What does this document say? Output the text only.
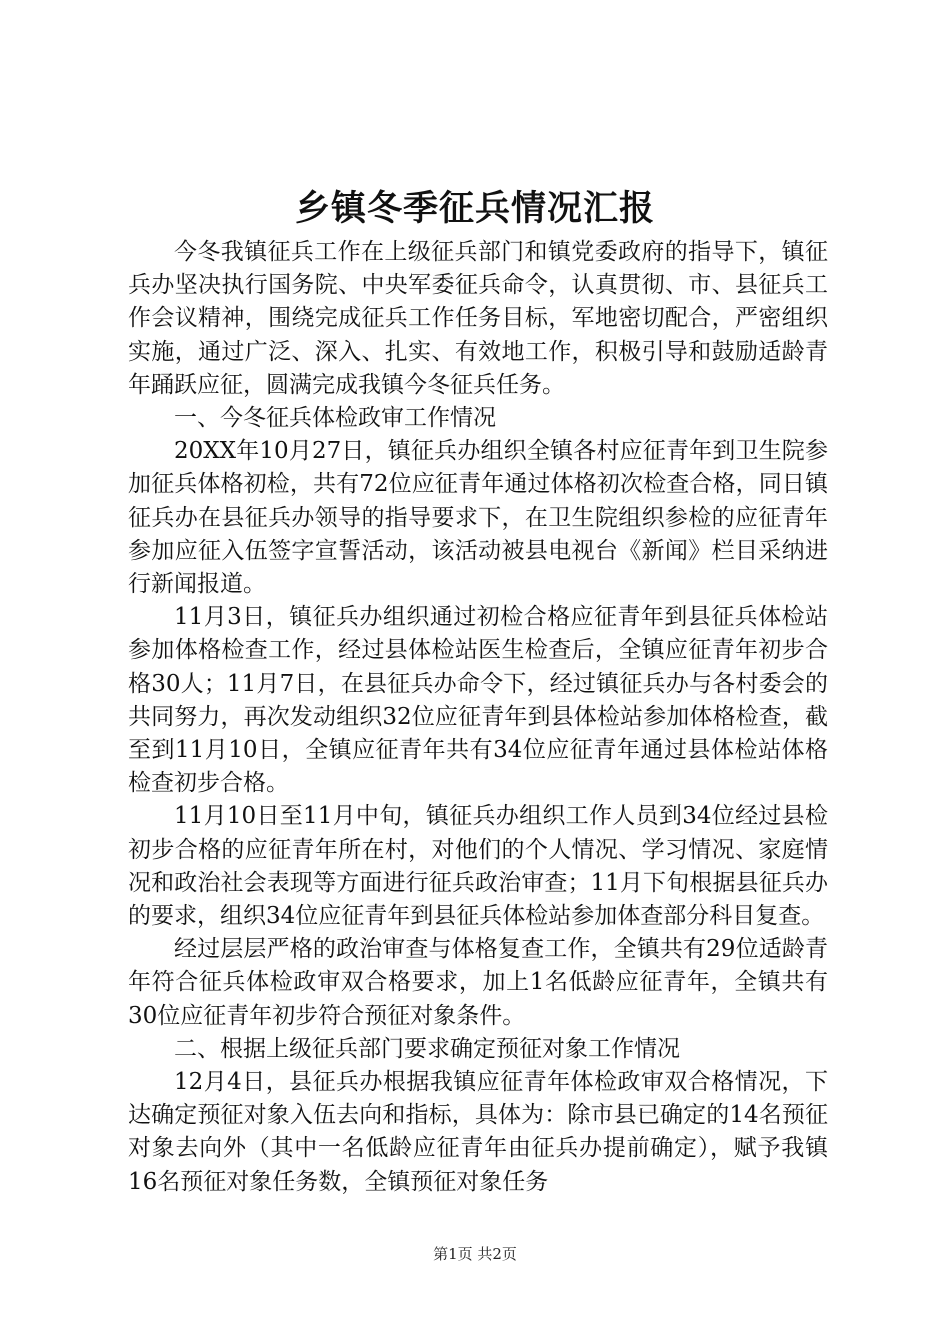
乡镇冬季征兵情况汇报

今冬我镇征兵工作在上级征兵部门和镇党委政府的指导下，镇征兵办坚决执行国务院、中央军委征兵命令，认真贯彻、市、县征兵工作会议精神，围绕完成征兵工作任务目标，军地密切配合，严密组织实施，通过广泛、深入、扎实、有效地工作，积极引导和鼓励适龄青年踊跃应征，圆满完成我镇今冬征兵任务。

一、今冬征兵体检政审工作情况

20XX年10月27日，镇征兵办组织全镇各村应征青年到卫生院参加征兵体格初检，共有72位应征青年通过体格初次检查合格，同日镇征兵办在县征兵办领导的指导要求下，在卫生院组织参检的应征青年参加应征入伍签字宣誓活动，该活动被县电视台《新闻》栏目采纳进行新闻报道。

11月3日，镇征兵办组织通过初检合格应征青年到县征兵体检站参加体格检查工作，经过县体检站医生检查后，全镇应征青年初步合格30人；11月7日，在县征兵办命令下，经过镇征兵办与各村委会的共同努力，再次发动组织32位应征青年到县体检站参加体格检查，截至到11月10日，全镇应征青年共有34位应征青年通过县体检站体格检查初步合格。

11月10日至11月中旬，镇征兵办组织工作人员到34位经过县检初步合格的应征青年所在村，对他们的个人情况、学习情况、家庭情况和政治社会表现等方面进行征兵政治审查；11月下旬根据县征兵办的要求，组织34位应征青年到县征兵体检站参加体查部分科目复查。

经过层层严格的政治审查与体格复查工作，全镇共有29位适龄青年符合征兵体检政审双合格要求，加上1名低龄应征青年，全镇共有30位应征青年初步符合预征对象条件。

二、根据上级征兵部门要求确定预征对象工作情况

12月4日，县征兵办根据我镇应征青年体检政审双合格情况，下达确定预征对象入伍去向和指标，具体为：除市县已确定的14名预征对象去向外（其中一名低龄应征青年由征兵办提前确定），赋予我镇16名预征对象任务数，全镇预征对象任务

第1页 共2页
